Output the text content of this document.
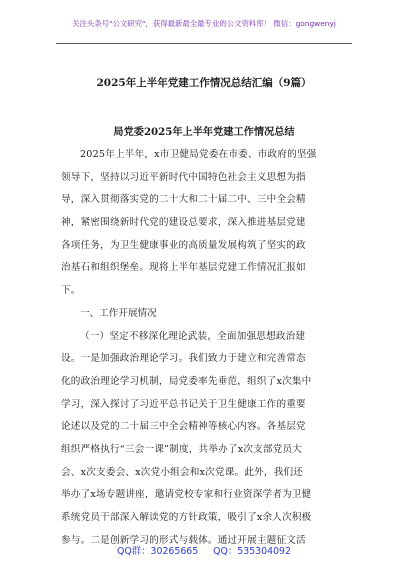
关注头条号"公文研究"，获得最新最全最专业的公文资料库！ 微信：gongwenyj
2025年上半年党建工作情况总结汇编（9篇）
局党委2025年上半年党建工作情况总结
2025年上半年，x市卫健局党委在市委、市政府的坚强
领导下，坚持以习近平新时代中国特色社会主义思想为指
导，深入贯彻落实党的二十大和二十届二中、三中全会精
神，紧密围绕新时代党的建设总要求，深入推进基层党建
各项任务，为卫生健康事业的高质量发展构筑了坚实的政
治基石和组织堡垒。现将上半年基层党建工作情况汇报如
下。
一、工作开展情况
（一）坚定不移深化理论武装，全面加强思想政治建
设。一是加强政治理论学习。我们致力于建立和完善常态
化的政治理论学习机制，局党委率先垂范，组织了x次集中
学习，深入探讨了习近平总书记关于卫生健康工作的重要
论述以及党的二十届三中全会精神等核心内容。各基层党
组织严格执行“三会一课”制度，共举办了x次支部党员大
会、x次支委会、x次党小组会和x次党课。此外，我们还
举办了x场专题讲座，邀请党校专家和行业资深学者为卫健
系统党员干部深入解读党的方针政策，吸引了x余人次积极
参与。二是创新学习的形式与载体。通过开展主题征文活
QQ群：30265665     QQ：535304092
